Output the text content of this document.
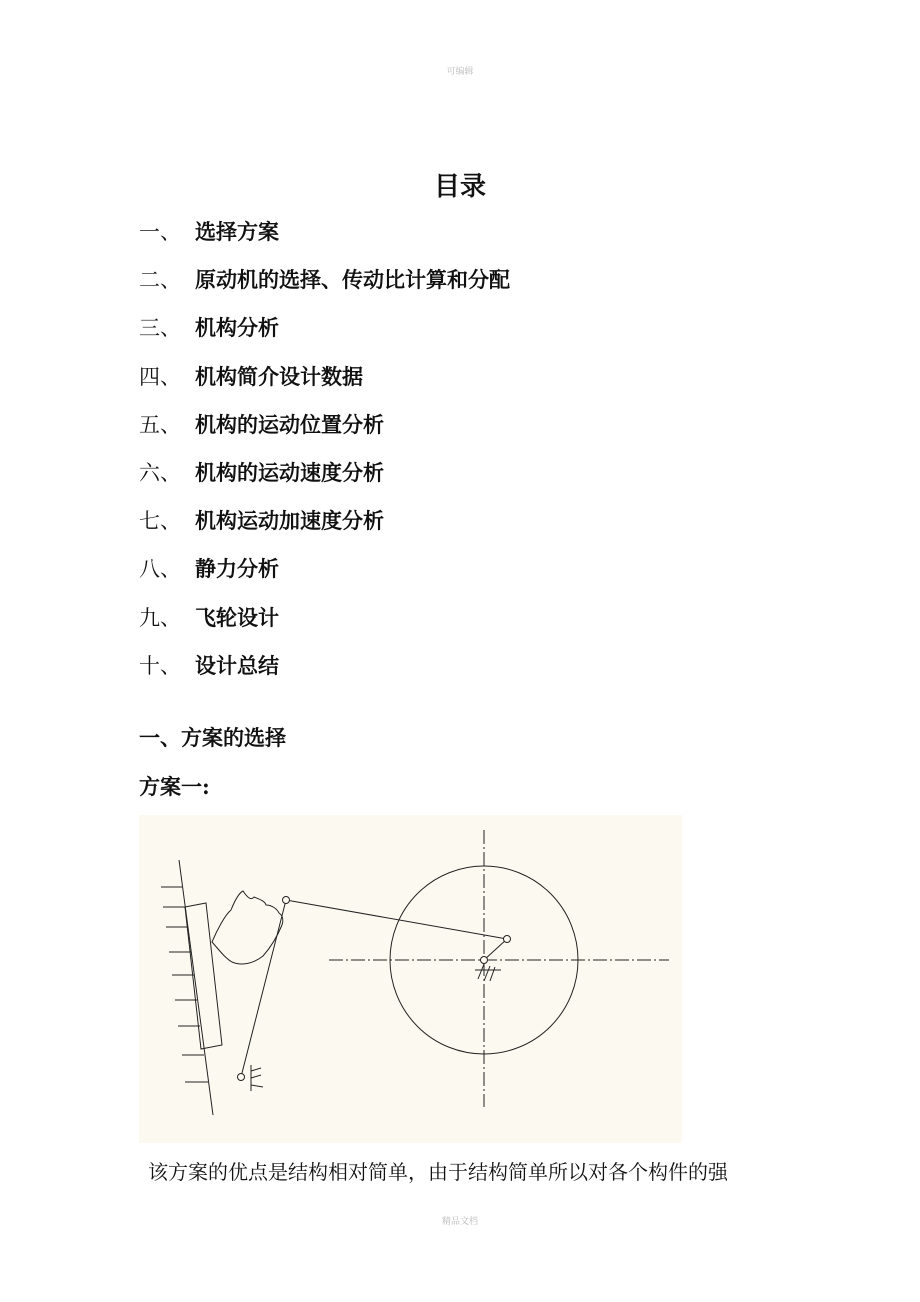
可编辑
目录
一、 选择方案
二、 原动机的选择、传动比计算和分配
三、 机构分析
四、 机构简介设计数据
五、 机构的运动位置分析
六、 机构的运动速度分析
七、 机构运动加速度分析
八、 静力分析
九、 飞轮设计
十、 设计总结
一、方案的选择
方案一:
该方案的优点是结构相对简单，由于结构简单所以对各个构件的强
精品文档
